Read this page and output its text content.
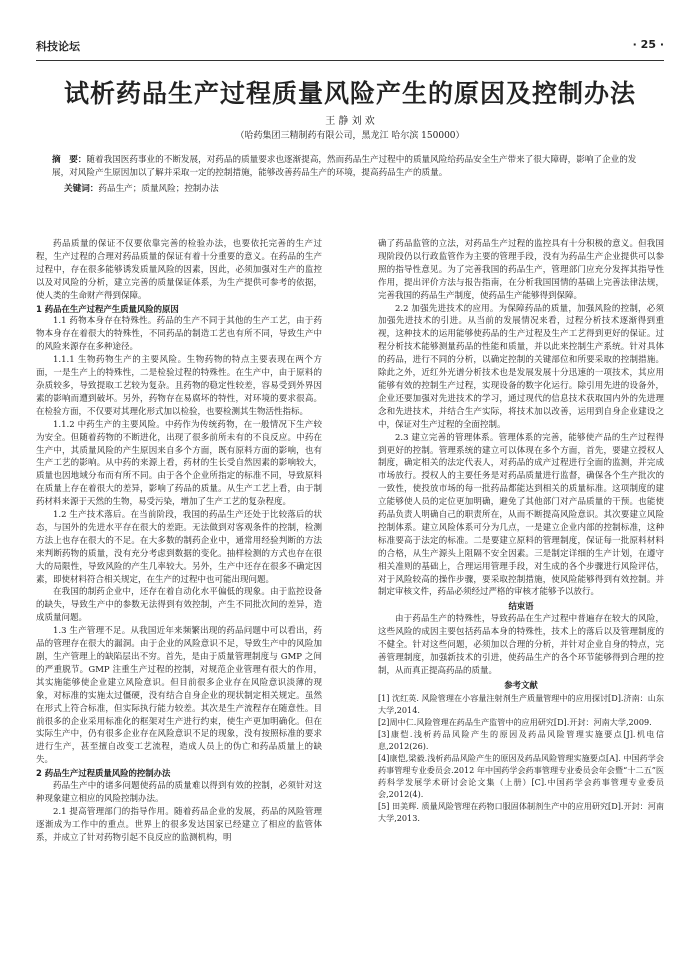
科技论坛	· 25 ·
试析药品生产过程质量风险产生的原因及控制办法
王 静 刘 欢
（哈药集团三精制药有限公司，黑龙江 哈尔滨 150000）
摘　要：随着我国医药事业的不断发展，对药品的质量要求也逐渐提高，然而药品生产过程中的质量风险给药品安全生产带来了很大障碍，影响了企业的发展，对风险产生原因加以了解并采取一定的控制措施，能够改善药品生产的环境，提高药品生产的质量。
关键词：药品生产；质量风险；控制办法

药品质量的保证不仅要依靠完善的检验办法，也要依托完善的生产过程，生产过程的合理对药品质量的保证有着十分重要的意义。在药品的生产过程中，存在很多能够诱发质量风险的因素，因此，必须加强对生产的监控以及对风险的分析，建立完善的质量保证体系，为生产提供可参考的依据，使人类的生命财产得到保障。

1 药品在生产过程产生质量风险的原因

1.1 药物本身存在特殊性。药品的生产不同于其他的生产工艺，由于药物本身存在着很大的特殊性，不同药品的制造工艺也有所不同，导致生产中的风险来源存在多种途径。

1.1.1 生物药物生产的主要风险。生物药物的特点主要表现在两个方面，一是生产上的特殊性，二是检验过程的特殊性。在生产中，由于原料的杂质较多，导致提取工艺较为复杂。且药物的稳定性较差，容易受到外界因素的影响而遭到破坏。另外，药物存在易腐坏的特性，对环境的要求很高。在检验方面，不仅要对其理化形式加以检验，也要检测其生物活性指标。

1.1.2 中药生产的主要风险。中药作为传统药物，在一般情况下生产较为安全。但随着药物的不断进化，出现了很多前所未有的不良反应。中药在生产中，其质量风险的产生原因来自多个方面，既有原料方面的影响，也有生产工艺的影响。从中药的来源上看，药材的生长受自然因素的影响较大，质量也因地域分布而有所不同。由于各个企业所指定的标准不同，导致原料在质量上存在着很大的差异，影响了药品的质量。从生产工艺上看，由于制药材料来源于天然的生物，易受污染，增加了生产工艺的复杂程度。

1.2 生产技术落后。在当前阶段，我国的药品生产还处于比较落后的状态，与国外的先进水平存在很大的差距。无法做到对客观条件的控制，检测方法上也存在很大的不足。在大多数的制药企业中，通常用经验判断的方法来判断药物的质量，没有充分考虑到数据的变化。抽样检测的方式也存在很大的局限性，导致风险的产生几率较大。另外，生产中还存在很多不确定因素，即使材料符合相关规定，在生产的过程中也可能出现问题。

在我国的制药企业中，还存在着自动化水平偏低的现象。由于监控设备的缺失，导致生产中的参数无法得到有效控制，产生不同批次间的差异，造成质量问题。

1.3 生产管理不足。从我国近年来频繁出现的药品问题中可以看出，药品的管理存在很大的漏洞。由于企业的风险意识不足，导致生产中的风险加剧，生产管理上的缺陷层出不穷。首先，是由于质量管理制度与 GMP 之间的严重脱节。GMP 注重生产过程的控制，对规范企业管理有很大的作用，其实施能够使企业建立风险意识。但目前很多企业存在风险意识淡薄的现象，对标准的实施太过僵硬，没有结合自身企业的现状制定相关规定。虽然在形式上符合标准，但实际执行能力较差。其次是生产流程存在随意性。目前很多的企业采用标准化的框架对生产进行约束，使生产更加明确化。但在实际生产中，仍有很多企业存在风险意识不足的现象，没有按照标准的要求进行生产，甚至擅自改变工艺流程，造成人员上的伪亡和药品质量上的缺失。

2 药品生产过程质量风险的控制办法

药品生产中的诸多问题使药品的质量难以得到有效的控制，必须针对这种现象建立相应的风险控制办法。

2.1 提高管理部门的指导作用。随着药品企业的发展，药品的风险管理逐渐成为工作中的重点。世界上的很多发达国家已经建立了相应的监管体系，并成立了针对药物引起不良反应的监测机构，明

确了药品监管的立法，对药品生产过程的监控具有十分积极的意义。但我国现阶段仍以行政监管作为主要的管理手段，没有为药品生产企业提供可以参照的指导性意见。为了完善我国的药品生产，管理部门应充分发挥其指导性作用，提出评价方法与报告指南，在分析我国国情的基础上完善法律法规，完善我国的药品生产制度，使药品生产能够得到保障。

2.2 加强先进技术的应用。为保障药品的质量，加强风险的控制，必须加强先进技术的引进。从当前的发展情况来看，过程分析技术逐渐得到重视，这种技术的运用能够使药品的生产过程及生产工艺得到更好的保证。过程分析技术能够测量药品的性能和质量，并以此来控制生产系统。针对具体的药品，进行不同的分析，以确定控制的关键部位和所要采取的控制措施。除此之外，近红外光谱分析技术也是发展发展十分迅速的一项技术，其应用能够有效的控制生产过程，实现设备的数字化运行。除引用先进的设备外，企业还要加强对先进技术的学习，通过现代的信息技术获取国内外的先进理念和先进技术，并结合生产实际，将技术加以改善，运用到自身企业建设之中，保证对生产过程的全面控制。

2.3 建立完善的管理体系。管理体系的完善，能够使产品的生产过程得到更好的控制。管理系统的建立可以体现在多个方面，首先，要建立授权人制度，确定相关的法定代表人，对药品的成产过程进行全面的监测，并完成市场放行。授权人的主要任务是对药品质量进行监督，确保各个生产批次的一致性，使投放市场的每一批药品都能达到相关的质量标准。这项制度的建立能够使人员的定位更加明确，避免了其他部门对产品质量的干预。也能使药品负责人明确自己的职责所在，从而不断提高风险意识。其次要建立风险控制体系。建立风险体系可分为几点，一是建立企业内部的控制标准，这种标准要高于法定的标准。二是要建立原料的管理制度，保证每一批原料材料的合格，从生产源头上阻隔不安全因素。三是制定详细的生产计划，在遵守相关准则的基础上，合理运用管理手段，对生成的各个步骤进行风险评估，对于风险较高的操作步骤，要采取控制措施，使风险能够得到有效控制。并制定审核文件，药品必须经过严格的审核才能够予以放行。

结束语

由于药品生产的特殊性，导致药品在生产过程中普遍存在较大的风险，这些风险的成因主要包括药品本身的特殊性，技术上的落后以及管理制度的不健全。针对这些问题，必须加以合理的分析，并针对企业自身的特点，完善管理制度，加强新技术的引进，使药品生产的各个环节能够得到合理的控制，从而真正提高药品的质量。

参考文献

[1] 沈红英. 风险管理在小容量注射剂生产质量管理中的应用探讨[D].济南：山东大学,2014.

[2]周中仁.风险管理在药品生产监管中的应用研究[D].开封：河南大学,2009.

[3]康恺.浅析药品风险产生的原因及药品风险管理实施要点[J].机电信息,2012(26).

[4]康恺,梁毅.浅析药品风险产生的原因及药品风险管理实施要点[A]. 中国药学会药事管理专业委员会.2012 年中国药学会药事管理专业委员会年会暨“十二五”医药科学发展学术研讨会论文集（上册）[C].中国药学会药事管理专业委员会,2012(4).

[5] 田美辉. 质量风险管理在药物口服固体制剂生产中的应用研究[D].开封：河南大学,2013.
